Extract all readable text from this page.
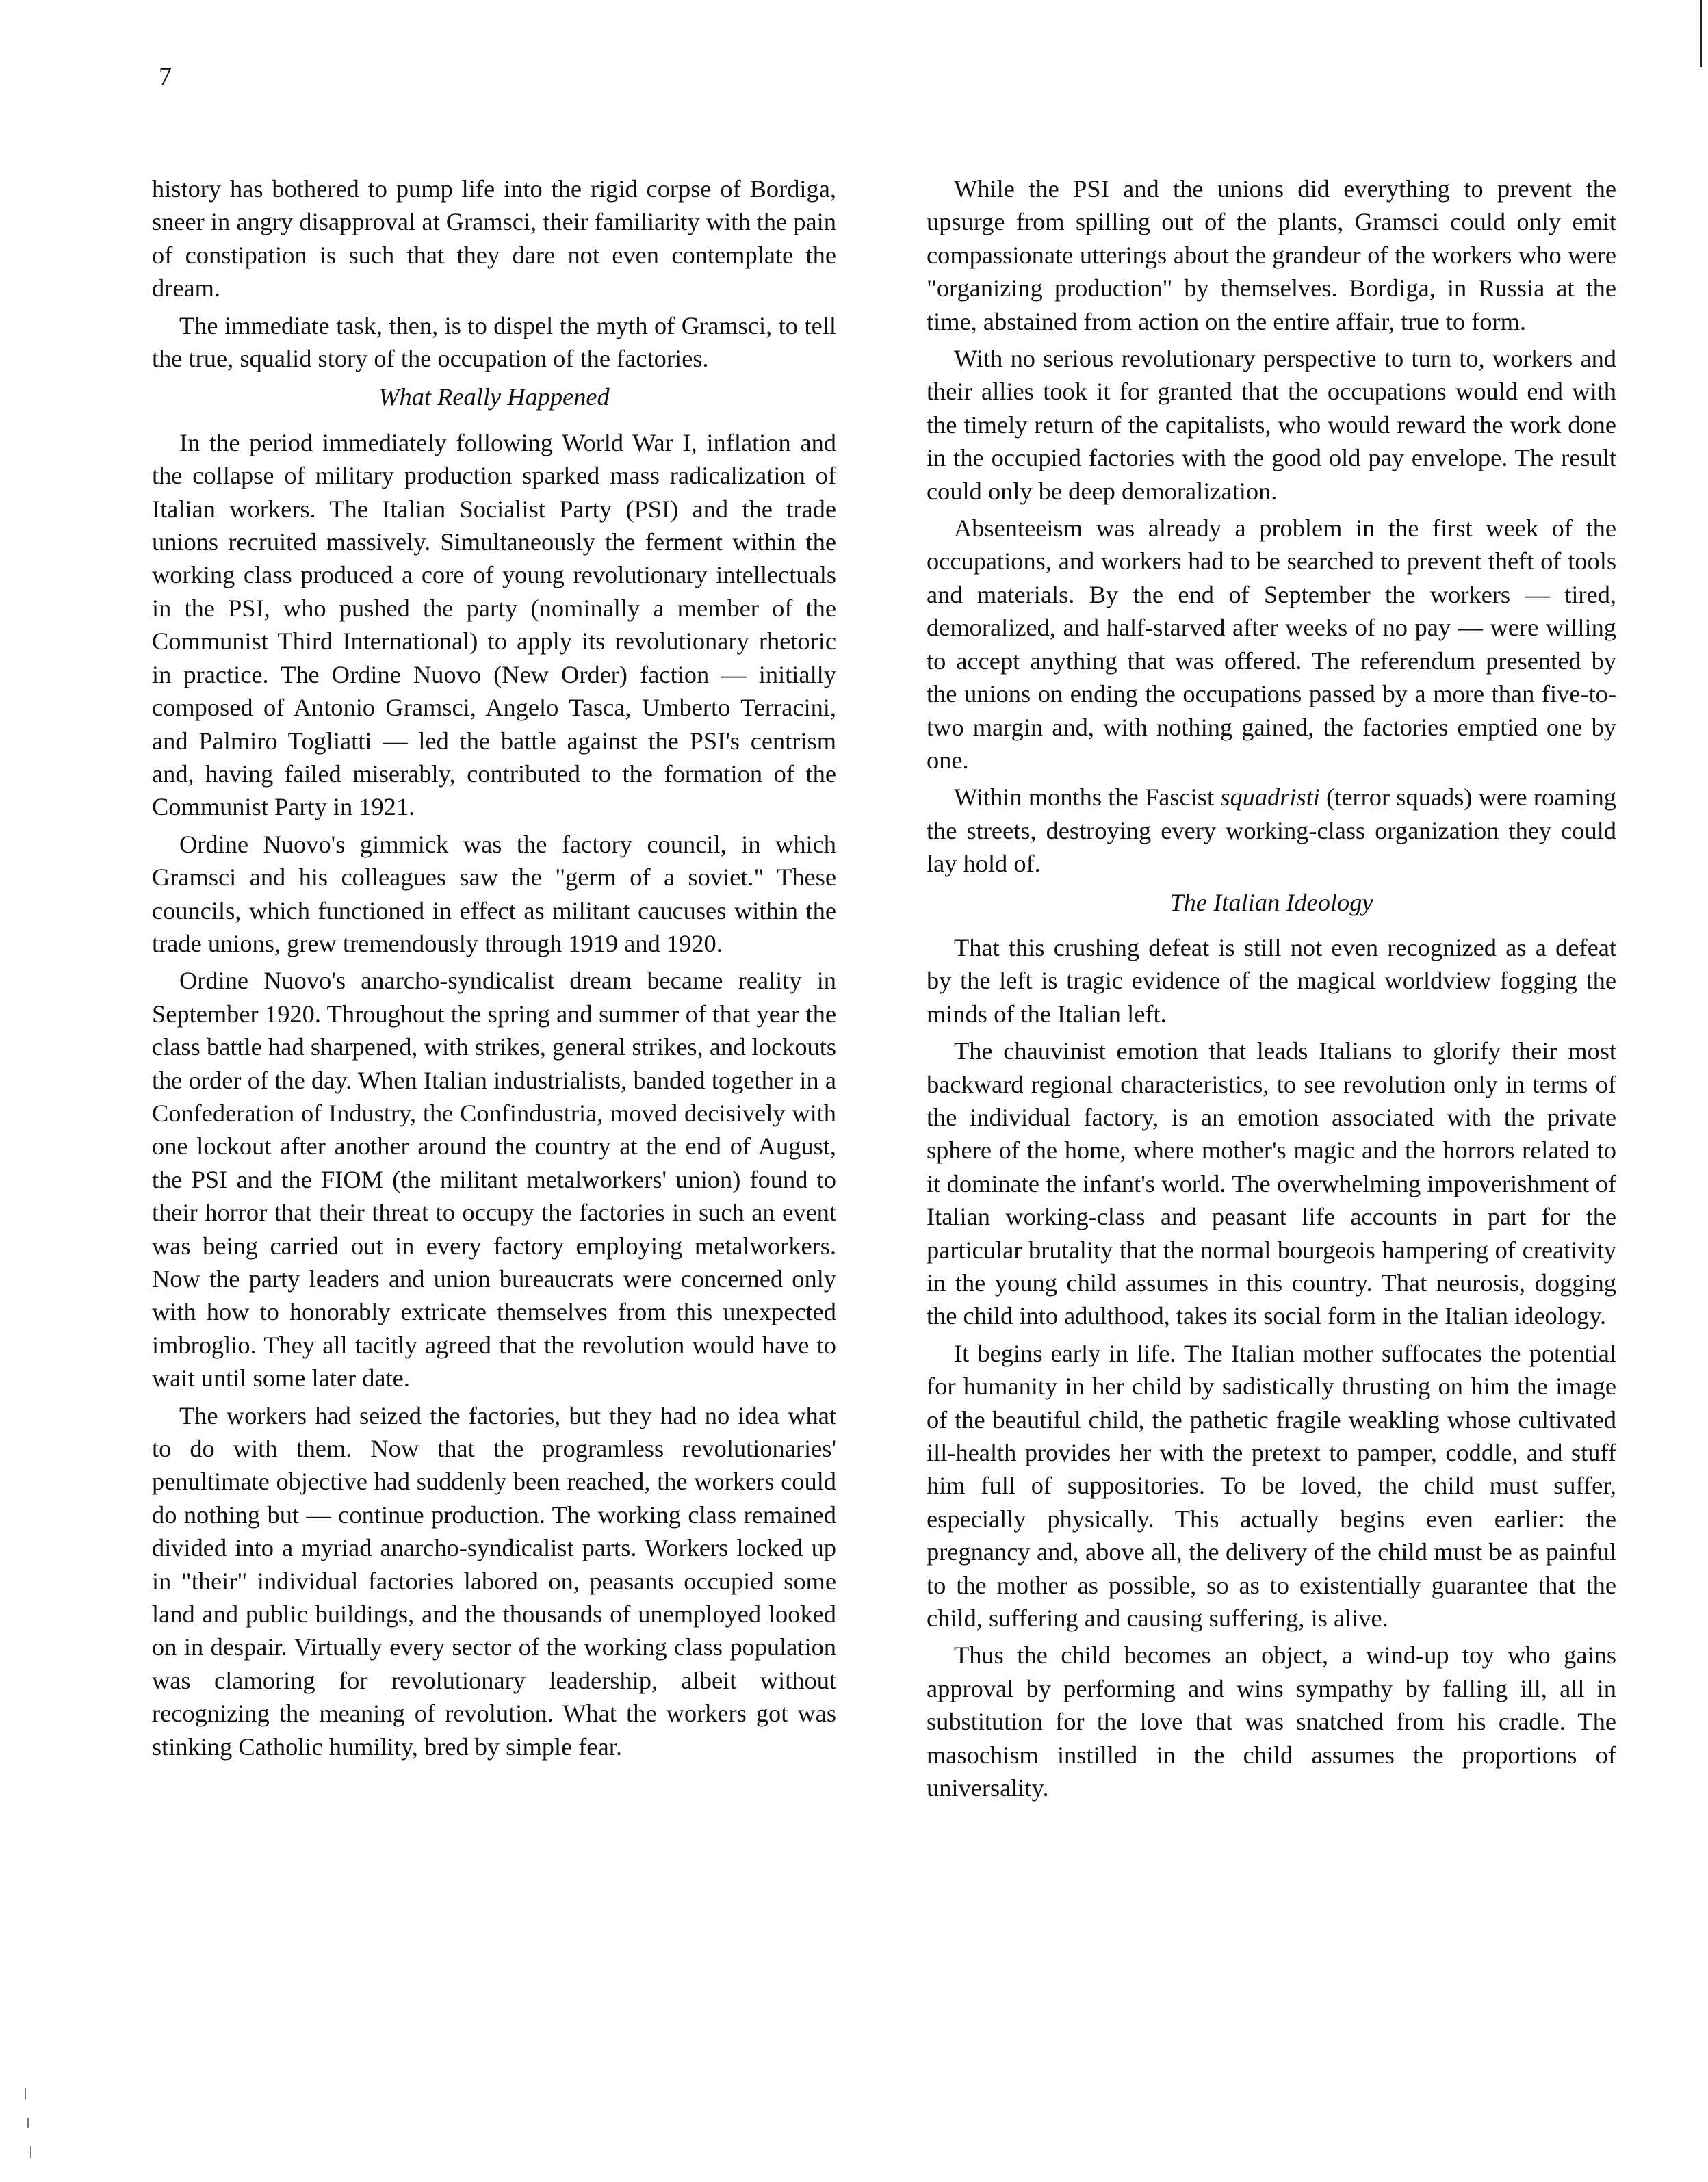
7

history has bothered to pump life into the rigid corpse of Bordiga, sneer in angry disapproval at Gramsci, their familiarity with the pain of constipation is such that they dare not even contemplate the dream.

The immediate task, then, is to dispel the myth of Gramsci, to tell the true, squalid story of the occupation of the factories.

What Really Happened

In the period immediately following World War I, inflation and the collapse of military production sparked mass radicalization of Italian workers. The Italian Socialist Party (PSI) and the trade unions recruited massively. Simultaneously the ferment within the working class produced a core of young revolutionary intellectuals in the PSI, who pushed the party (nominally a member of the Communist Third International) to apply its revolutionary rhetoric in practice. The Ordine Nuovo (New Order) faction — initially composed of Antonio Gramsci, Angelo Tasca, Umberto Terracini, and Palmiro Togliatti — led the battle against the PSI's centrism and, having failed miserably, contributed to the formation of the Communist Party in 1921.

Ordine Nuovo's gimmick was the factory council, in which Gramsci and his colleagues saw the "germ of a soviet." These councils, which functioned in effect as militant caucuses within the trade unions, grew tremendously through 1919 and 1920.

Ordine Nuovo's anarcho-syndicalist dream became reality in September 1920. Throughout the spring and summer of that year the class battle had sharpened, with strikes, general strikes, and lockouts the order of the day. When Italian industrialists, banded together in a Confederation of Industry, the Confindustria, moved decisively with one lockout after another around the country at the end of August, the PSI and the FIOM (the militant metalworkers' union) found to their horror that their threat to occupy the factories in such an event was being carried out in every factory employing metalworkers. Now the party leaders and union bureaucrats were concerned only with how to honorably extricate themselves from this unexpected imbroglio. They all tacitly agreed that the revolution would have to wait until some later date.

The workers had seized the factories, but they had no idea what to do with them. Now that the programless revolutionaries' penultimate objective had suddenly been reached, the workers could do nothing but — continue production. The working class remained divided into a myriad anarcho-syndicalist parts. Workers locked up in "their" individual factories labored on, peasants occupied some land and public buildings, and the thousands of unemployed looked on in despair. Virtually every sector of the working class population was clamoring for revolutionary leadership, albeit without recognizing the meaning of revolution. What the workers got was stinking Catholic humility, bred by simple fear.

While the PSI and the unions did everything to prevent the upsurge from spilling out of the plants, Gramsci could only emit compassionate utterings about the grandeur of the workers who were "organizing production" by themselves. Bordiga, in Russia at the time, abstained from action on the entire affair, true to form.

With no serious revolutionary perspective to turn to, workers and their allies took it for granted that the occupations would end with the timely return of the capitalists, who would reward the work done in the occupied factories with the good old pay envelope. The result could only be deep demoralization.

Absenteeism was already a problem in the first week of the occupations, and workers had to be searched to prevent theft of tools and materials. By the end of September the workers — tired, demoralized, and half-starved after weeks of no pay — were willing to accept anything that was offered. The referendum presented by the unions on ending the occupations passed by a more than five-to-two margin and, with nothing gained, the factories emptied one by one.

Within months the Fascist squadristi (terror squads) were roaming the streets, destroying every working-class organization they could lay hold of.

The Italian Ideology

That this crushing defeat is still not even recognized as a defeat by the left is tragic evidence of the magical worldview fogging the minds of the Italian left.

The chauvinist emotion that leads Italians to glorify their most backward regional characteristics, to see revolution only in terms of the individual factory, is an emotion associated with the private sphere of the home, where mother's magic and the horrors related to it dominate the infant's world. The overwhelming impoverishment of Italian working-class and peasant life accounts in part for the particular brutality that the normal bourgeois hampering of creativity in the young child assumes in this country. That neurosis, dogging the child into adulthood, takes its social form in the Italian ideology.

It begins early in life. The Italian mother suffocates the potential for humanity in her child by sadistically thrusting on him the image of the beautiful child, the pathetic fragile weakling whose cultivated ill-health provides her with the pretext to pamper, coddle, and stuff him full of suppositories. To be loved, the child must suffer, especially physically. This actually begins even earlier: the pregnancy and, above all, the delivery of the child must be as painful to the mother as possible, so as to existentially guarantee that the child, suffering and causing suffering, is alive.

Thus the child becomes an object, a wind-up toy who gains approval by performing and wins sympathy by falling ill, all in substitution for the love that was snatched from his cradle. The masochism instilled in the child assumes the proportions of universality.
